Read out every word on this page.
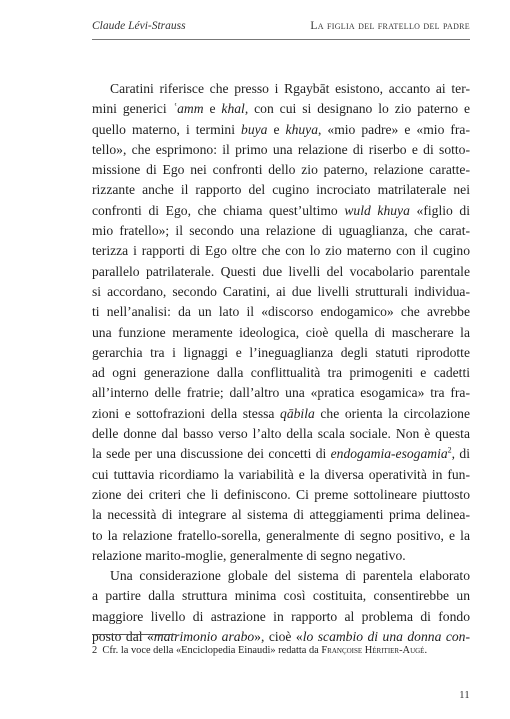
Claude Lévi-Strauss	La figlia del fratello del padre
Caratini riferisce che presso i Rgaybāt esistono, accanto ai ter-
mini generici ʿamm e khal, con cui si designano lo zio paterno e
quello materno, i termini buya e khuya, «mio padre» e «mio fra-
tello», che esprimono: il primo una relazione di riserbo e di sotto-
missione di Ego nei confronti dello zio paterno, relazione caratte-
rizzante anche il rapporto del cugino incrociato matrilaterale nei
confronti di Ego, che chiama quest’ultimo wuld khuya «figlio di
mio fratello»; il secondo una relazione di uguaglianza, che carat-
terizza i rapporti di Ego oltre che con lo zio materno con il cugino
parallelo patrilaterale. Questi due livelli del vocabolario parentale
si accordano, secondo Caratini, ai due livelli strutturali individua-
ti nell’analisi: da un lato il «discorso endogamico» che avrebbe
una funzione meramente ideologica, cioè quella di mascherare la
gerarchia tra i lignaggi e l’ineguaglianza degli statuti riprodotte
ad ogni generazione dalla conflittualità tra primogeniti e cadetti
all’interno delle fratrie; dall’altro una «pratica esogamica» tra fra-
zioni e sottofrazioni della stessa qābila che orienta la circolazione
delle donne dal basso verso l’alto della scala sociale. Non è questa
la sede per una discussione dei concetti di endogamia-esogamia$^2$, di
cui tuttavia ricordiamo la variabilità e la diversa operatività in fun-
zione dei criteri che li definiscono. Ci preme sottolineare piuttosto
la necessità di integrare al sistema di atteggiamenti prima delinea-
to la relazione fratello-sorella, generalmente di segno positivo, e la
relazione marito-moglie, generalmente di segno negativo.
Una considerazione globale del sistema di parentela elaborato
a partire dalla struttura minima così costituita, consentirebbe un
maggiore livello di astrazione in rapporto al problema di fondo
posto dal «matrimonio arabo», cioè «lo scambio di una donna con-
2 Cfr. la voce della «Enciclopedia Einaudi» redatta da Françoise Héritier-Augé.
11
